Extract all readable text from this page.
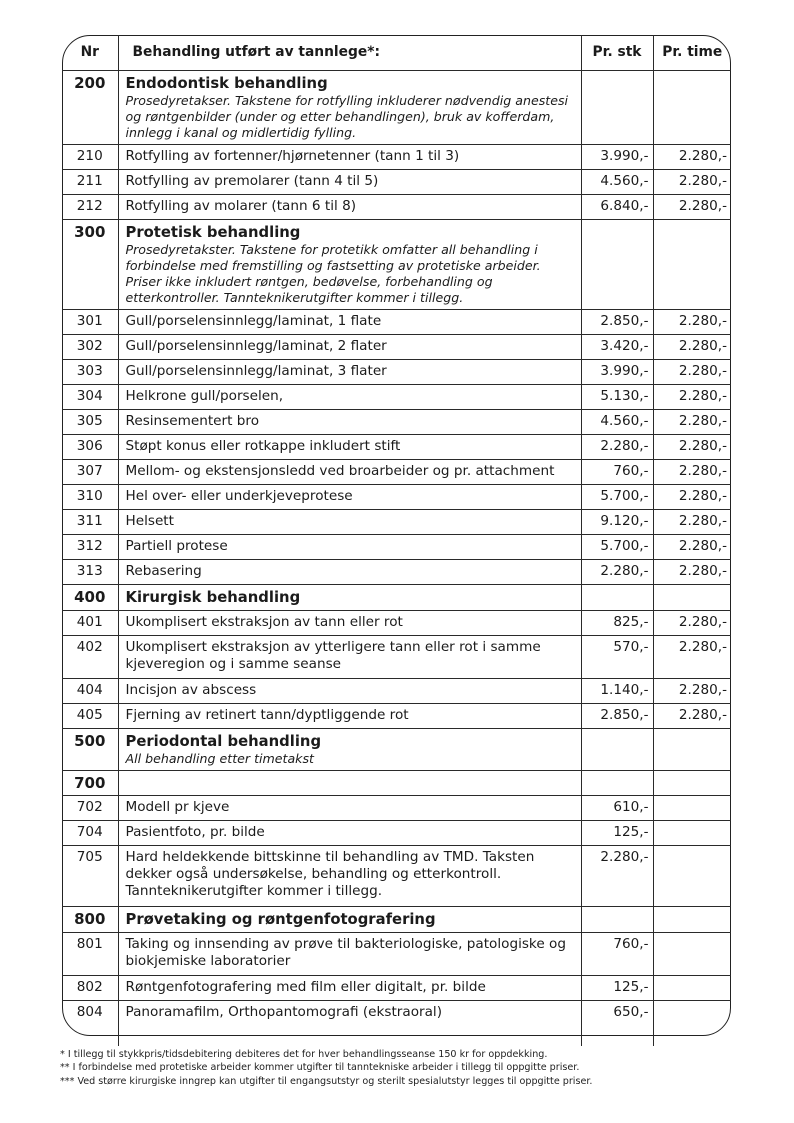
Nr	Behandling utført av tannlege*:	Pr. stk	Pr. time
200	Endodontisk behandling
Prosedyretakser. Takstene for rotfylling inkluderer nødvendig anestesi og røntgenbilder (under og etter behandlingen), bruk av kofferdam, innlegg i kanal og midlertidig fylling.		

210	Rotfylling av fortenner/hjørnetenner (tann 1 til 3)	3.990,-	2.280,-
211	Rotfylling av premolarer (tann 4 til 5)	4.560,-	2.280,-
212	Rotfylling av molarer (tann 6 til 8)	6.840,-	2.280,-
300	Protetisk behandling
Prosedyretakster. Takstene for protetikk omfatter all behandling i forbindelse med fremstilling og fastsetting av protetiske arbeider. Priser ikke inkludert røntgen, bedøvelse, forbehandling og etterkontroller. Tannteknikerutgifter kommer i tillegg.		

301	Gull/porselensinnlegg/laminat, 1 flate	2.850,-	2.280,-
302	Gull/porselensinnlegg/laminat, 2 flater	3.420,-	2.280,-
303	Gull/porselensinnlegg/laminat, 3 flater	3.990,-	2.280,-
304	Helkrone gull/porselen,	5.130,-	2.280,-
305	Resinsementert bro	4.560,-	2.280,-
306	Støpt konus eller rotkappe inkludert stift	2.280,-	2.280,-
307	Mellom- og ekstensjonsledd ved broarbeider og pr. attachment	760,-	2.280,-
310	Hel over- eller underkjeveprotese	5.700,-	2.280,-
311	Helsett	9.120,-	2.280,-
312	Partiell protese	5.700,-	2.280,-
313	Rebasering	2.280,-	2.280,-
400	Kirurgisk behandling		

401	Ukomplisert ekstraksjon av tann eller rot	825,-	2.280,-
402	Ukomplisert ekstraksjon av ytterligere tann eller rot i samme kjeveregion og i samme seanse	570,-	2.280,-
404	Incisjon av abscess	1.140,-	2.280,-
405	Fjerning av retinert tann/dyptliggende rot	2.850,-	2.280,-
500	Periodontal behandling
All behandling etter timetakst		

700	

702	Modell pr kjeve	610,-	
704	Pasientfoto, pr. bilde	125,-	
705	Hard heldekkende bittskinne til behandling av TMD. Taksten dekker også undersøkelse, behandling og etterkontroll. Tannteknikerutgifter kommer i tillegg.	2.280,-	
800	Prøvetaking og røntgenfotografering		

801	Taking og innsending av prøve til bakteriologiske, patologiske og biokjemiske laboratorier	760,-	
802	Røntgenfotografering med film eller digitalt, pr. bilde	125,-	
804	Panoramafilm, Orthopantomografi (ekstraoral)	650,-	
* I tillegg til stykkpris/tidsdebitering debiteres det for hver behandlingsseanse 150 kr for oppdekking.
** I forbindelse med protetiske arbeider kommer utgifter til tanntekniske arbeider i tillegg til oppgitte priser.
*** Ved større kirurgiske inngrep kan utgifter til engangsutstyr og sterilt spesialutstyr legges til oppgitte priser.
